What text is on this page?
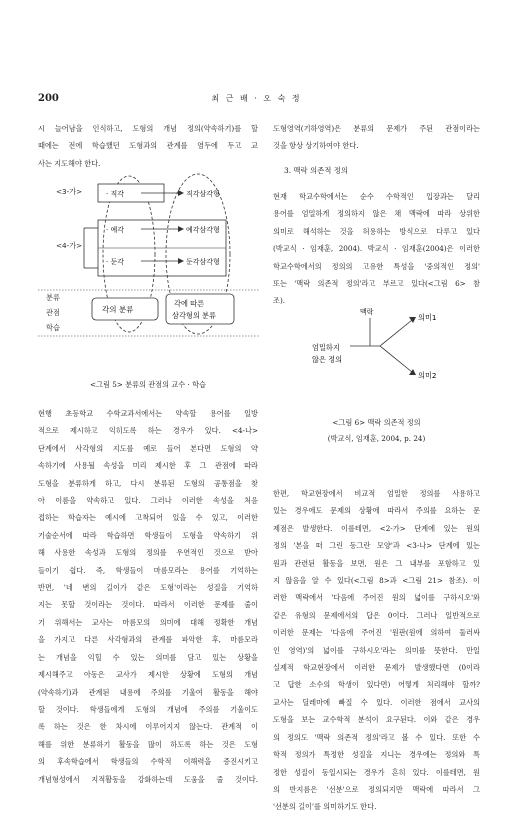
200	최 근 배 · 오 숙 정
시 늘어남을 인식하고, 도형의 개념 정의(약속하기)를 할
때에는 전에 학습했던 도형과의 관계를 염두에 두고 교
사는 지도해야 한다.
<3-가>
<4-가>
분류
관점
학습
· 직각	직각삼각형
· 예각	예각삼각형
· 둔각	둔각삼각형
각의 분류
각에 따른
삼각형의 분류
<그림 5> 분류의 관점의 교수 · 학습
현행 초등학교 수학교과서에서는 약속할 용어를 일방
적으로 제시하고 익히도록 하는 경우가 있다. <4-나>
단계에서 사각형의 지도를 예로 들어 본다면 도형의 약
속하기에 사용될 속성을 미리 제시한 후 그 관점에 따라
도형을 분류하게 하고, 다시 분류된 도형의 공통점을 찾
아 이름을 약속하고 있다. 그러나 이러한 속성을 처음
접하는 학습자는 예시에 고착되어 있을 수 있고, 이러한
기술순서에 따라 학습하면 학생들이 도형을 약속하기 위
해 사용한 속성과 도형의 정의를 우연적인 것으로 받아
들이기 쉽다. 즉, 학생들이 마름모라는 용어를 기억하는
반면, '네 변의 길이가 같은 도형'이라는 성질을 기억하
지는 못할 것이라는 것이다. 따라서 이러한 문제를 줄이
기 위해서는 교사는 마름모의 의미에 대해 정확한 개념
을 가지고 다른 사각형과의 관계를 파악한 후, 마름모라
는 개념을 익힐 수 있는 의미를 담고 있는 상황을
제시해주고 아동은 교사가 제시한 상황에 도형의 개념
(약속하기)과 관계된 내용에 주의를 기울여 활동을 해야
할 것이다. 학생들에게 도형의 개념에 주의를 기울이도
록 하는 것은 한 차시에 이루어지지 않는다. 관계적 이
해를 위한 분류하기 활동을 많이 하도록 하는 것은 도형
의 후속학습에서 학생들의 수학적 이해력을 증진시키고
개념형성에서 지적활동을 강화하는데 도움을 줄 것이다.
도형영역(기하영역)은 분류의 문제가 주된 관점이라는
것을 항상 상기하여야 한다.
3. 맥락 의존적 정의
현재 학교수학에서는 순수 수학적인 입장과는 달리
용어를 엄밀하게 정의하지 않은 채 맥락에 따라 상위한
의미로 해석하는 것을 허용하는 방식으로 다루고 있다
(박교식 · 임재훈, 2004). 박교식 · 임재훈(2004)은 이러한
학교수학에서의 정의의 고유한 특성을 '중의적인 정의'
또는 '맥락 의존적 정의'라고 부르고 있다(<그림 6> 참
조).
맥락
엄밀하지
않은 정의
의미1
의미2
<그림 6> 맥락 의존적 정의
(박교식, 임재훈, 2004, p. 24)
한편, 학교현장에서 비교적 엄밀한 정의를 사용하고
있는 경우에도 문제의 상황에 따라서 주의를 요하는 문
제점은 발생한다. 이를테면, <2-가> 단계에 있는 원의
정의 '본을 떠 그린 동그란 모양'과 <3-나> 단계에 있는
원과 관련된 활동을 보면, 원은 그 내부를 포함하고 있
지 않음을 알 수 있다(<그림 8>과 <그림 21> 참조). 이
러한 맥락에서 '다음에 주어진 원의 넓이를 구하시오'와
같은 유형의 문제에서의 답은 0이다. 그러나 일반적으로
이러한 문제는 '다음에 주어진 '원판(원에 의하여 둘러싸
인 영역)'의 넓이를 구하시오'라는 의미를 뜻한다. 만일
실제적 학교현장에서 이러한 문제가 발생했다면 (0이라
고 답한 소수의 학생이 있다면) 어떻게 처리해야 할까?
교사는 딜레마에 빠질 수 있다. 이러한 점에서 교사의
도형을 보는 교수학적 분석이 요구된다. 이와 같은 경우
의 정의도 '맥락 의존적 정의'라고 볼 수 있다. 또한 수
학적 정의가 특정한 성질을 지니는 경우에는 정의와 특
정한 성질이 동일시되는 경우가 흔히 있다. 이를테면, 원
의 반지름은 '선분'으로 정의되지만 맥락에 따라서 그
'선분의 길이'를 의미하기도 한다.
